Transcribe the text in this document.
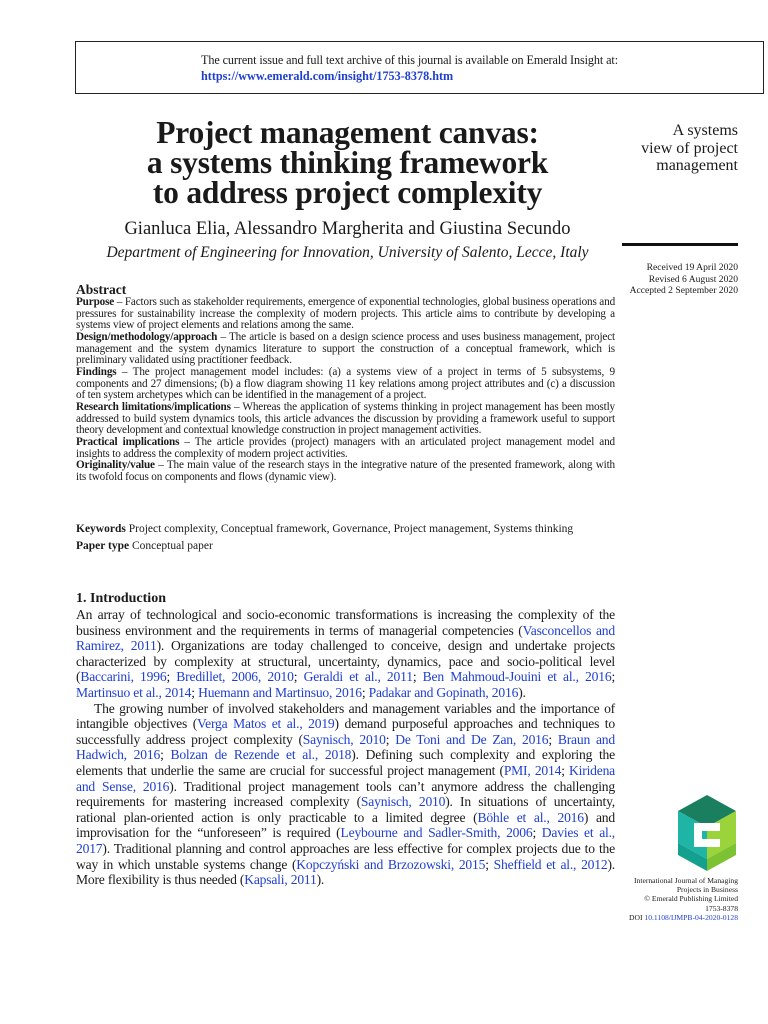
The current issue and full text archive of this journal is available on Emerald Insight at:
https://www.emerald.com/insight/1753-8378.htm
Project management canvas:
a systems thinking framework
to address project complexity
Gianluca Elia, Alessandro Margherita and Giustina Secundo
Department of Engineering for Innovation, University of Salento, Lecce, Italy
A systems
view of project
management
Received 19 April 2020
Revised 6 August 2020
Accepted 2 September 2020
Abstract

Purpose – Factors such as stakeholder requirements, emergence of exponential technologies, global business operations and pressures for sustainability increase the complexity of modern projects. This article aims to contribute by developing a systems view of project elements and relations among the same.

Design/methodology/approach – The article is based on a design science process and uses business management, project management and the system dynamics literature to support the construction of a conceptual framework, which is preliminary validated using practitioner feedback.

Findings – The project management model includes: (a) a systems view of a project in terms of 5 subsystems, 9 components and 27 dimensions; (b) a flow diagram showing 11 key relations among project attributes and (c) a discussion of ten system archetypes which can be identified in the management of a project.

Research limitations/implications – Whereas the application of systems thinking in project management has been mostly addressed to build system dynamics tools, this article advances the discussion by providing a framework useful to support theory development and contextual knowledge construction in project management activities.

Practical implications – The article provides (project) managers with an articulated project management model and insights to address the complexity of modern project activities.

Originality/value – The main value of the research stays in the integrative nature of the presented framework, along with its twofold focus on components and flows (dynamic view).

Keywords Project complexity, Conceptual framework, Governance, Project management, Systems thinking
Paper type Conceptual paper
1. Introduction

An array of technological and socio-economic transformations is increasing the complexity of the business environment and the requirements in terms of managerial competencies (Vasconcellos and Ramirez, 2011). Organizations are today challenged to conceive, design and undertake projects characterized by complexity at structural, uncertainty, dynamics, pace and socio-political level (Baccarini, 1996; Bredillet, 2006, 2010; Geraldi et al., 2011; Ben Mahmoud-Jouini et al., 2016; Martinsuo et al., 2014; Huemann and Martinsuo, 2016; Padakar and Gopinath, 2016).

The growing number of involved stakeholders and management variables and the importance of intangible objectives (Verga Matos et al., 2019) demand purposeful approaches and techniques to successfully address project complexity (Saynisch, 2010; De Toni and De Zan, 2016; Braun and Hadwich, 2016; Bolzan de Rezende et al., 2018). Defining such complexity and exploring the elements that underlie the same are crucial for successful project management (PMI, 2014; Kiridena and Sense, 2016). Traditional project management tools can’t anymore address the challenging requirements for mastering increased complexity (Saynisch, 2010). In situations of uncertainty, rational plan-oriented action is only practicable to a limited degree (Böhle et al., 2016) and improvisation for the “unforeseen” is required (Leybourne and Sadler-Smith, 2006; Davies et al., 2017). Traditional planning and control approaches are less effective for complex projects due to the way in which unstable systems change (Kopczyński and Brzozowski, 2015; Sheffield et al., 2012). More flexibility is thus needed (Kapsali, 2011).	International Journal of Managing
Projects in Business
© Emerald Publishing Limited
1753-8378
DOI 10.1108/IJMPB-04-2020-0128
